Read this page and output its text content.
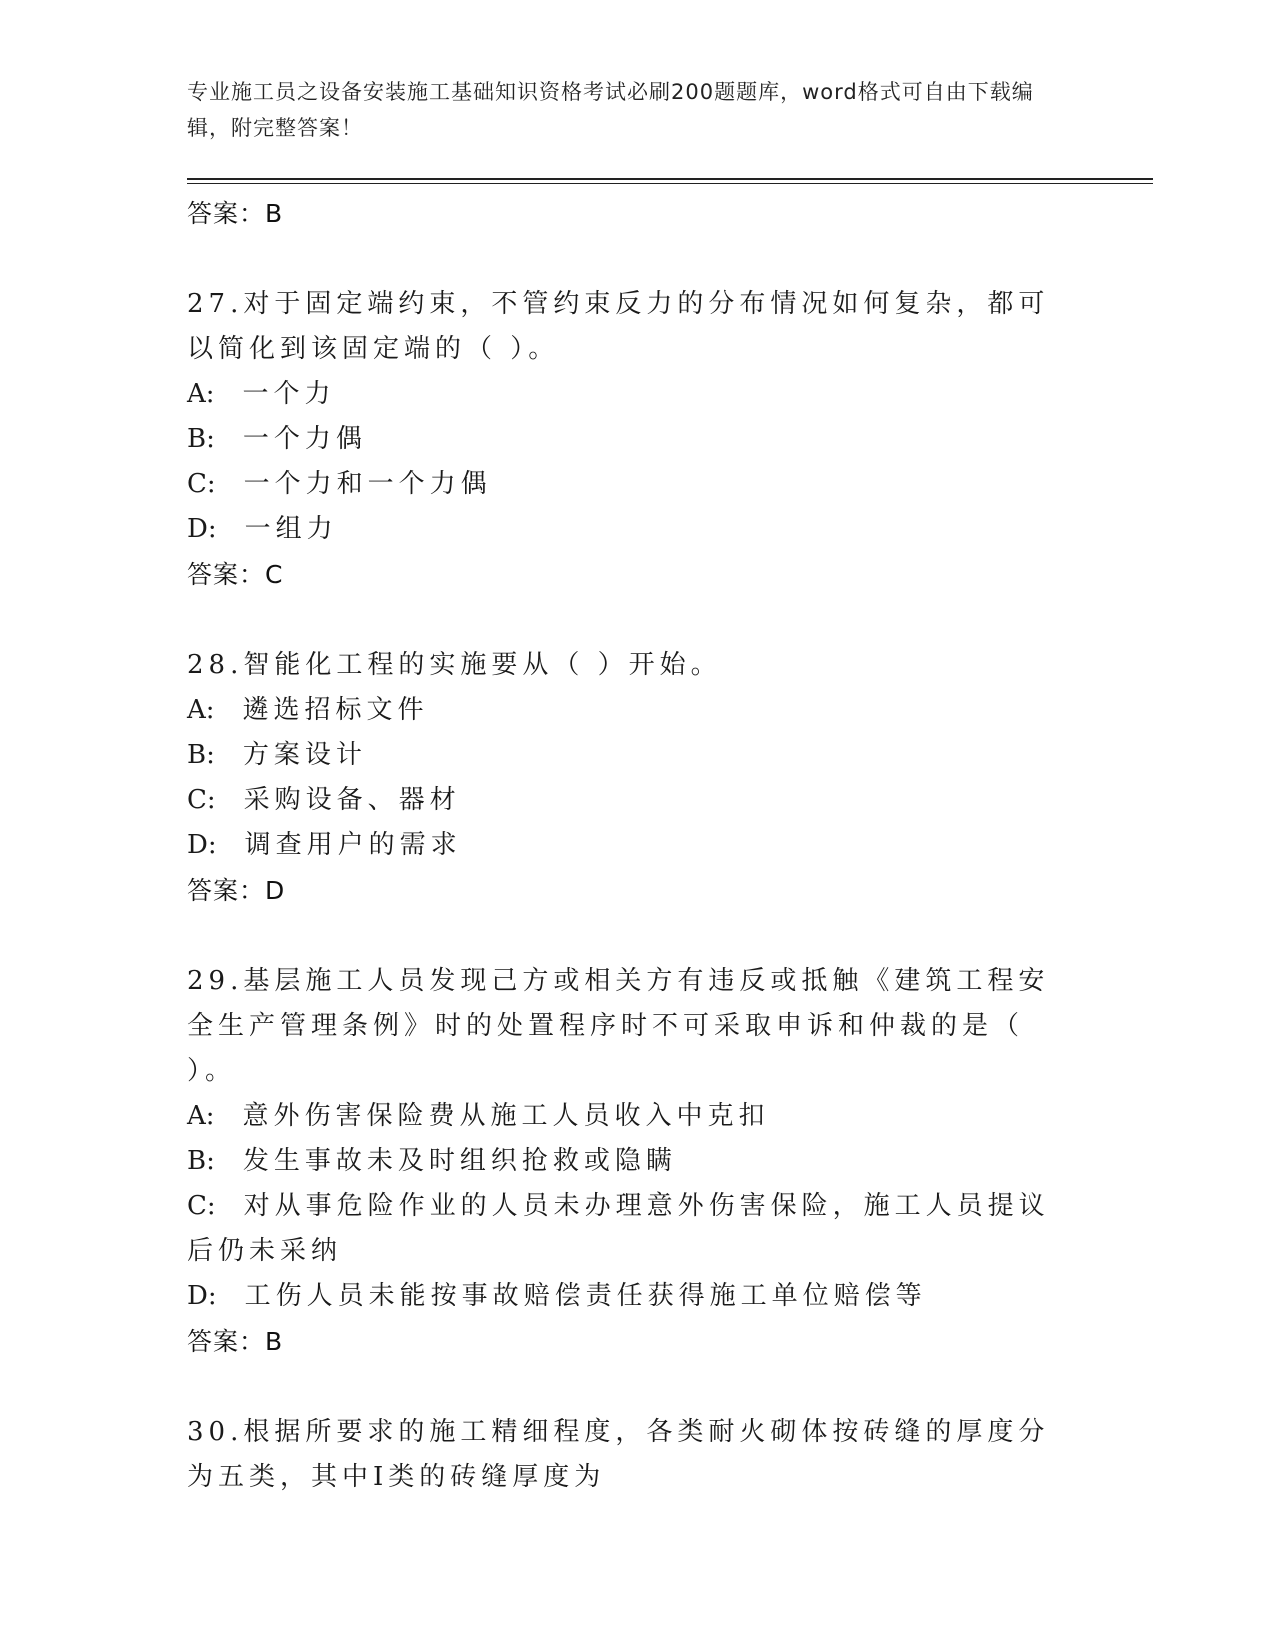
专业施工员之设备安装施工基础知识资格考试必刷200题题库，word格式可自由下载编辑，附完整答案！
答案：B
27.对于固定端约束，不管约束反力的分布情况如何复杂，都可以简化到该固定端的（ ）。
A: 一个力
B: 一个力偶
C: 一个力和一个力偶
D: 一组力
答案：C
28.智能化工程的实施要从（ ）开始。
A: 遴选招标文件
B: 方案设计
C: 采购设备、器材
D: 调查用户的需求
答案：D
29.基层施工人员发现己方或相关方有违反或抵触《建筑工程安全生产管理条例》时的处置程序时不可采取申诉和仲裁的是（ ）。
A: 意外伤害保险费从施工人员收入中克扣
B: 发生事故未及时组织抢救或隐瞒
C: 对从事危险作业的人员未办理意外伤害保险，施工人员提议后仍未采纳
D: 工伤人员未能按事故赔偿责任获得施工单位赔偿等
答案：B
30.根据所要求的施工精细程度，各类耐火砌体按砖缝的厚度分为五类，其中Ⅰ类的砖缝厚度为
